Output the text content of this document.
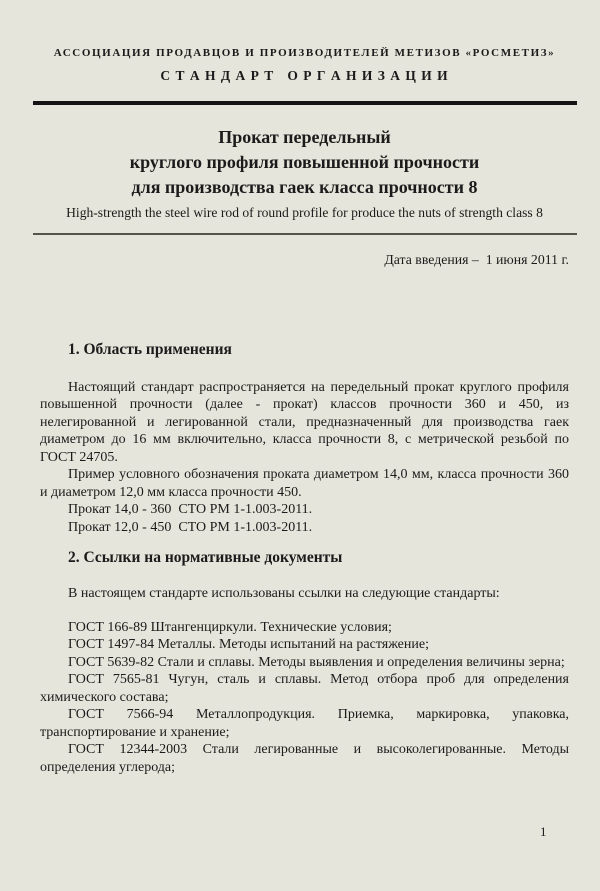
АССОЦИАЦИЯ ПРОДАВЦОВ И ПРОИЗВОДИТЕЛЕЙ МЕТИЗОВ «РОСМЕТИЗ»
С Т А Н Д А Р Т   О Р Г А Н И З А Ц И И
Прокат передельный
круглого профиля повышенной прочности
для производства гаек класса прочности 8
High-strength the steel wire rod of round profile for produce the nuts of strength class 8
Дата введения –  1 июня 2011 г.
1. Область применения

Настоящий стандарт распространяется на передельный прокат круглого профиля повышенной прочности (далее - прокат) классов прочности 360 и 450, из нелегированной и легированной стали, предназначенный для производства гаек диаметром до 16 мм включительно, класса прочности 8, с метрической резьбой по ГОСТ 24705.

Пример условного обозначения проката диаметром 14,0 мм, класса прочности 360 и диаметром 12,0 мм класса прочности 450.

Прокат 14,0 - 360  СТО РМ 1-1.003-2011.

Прокат 12,0 - 450  СТО РМ 1-1.003-2011.

2. Ссылки на нормативные документы

В настоящем стандарте использованы ссылки на следующие стандарты:

ГОСТ 166-89 Штангенциркули. Технические условия;

ГОСТ 1497-84 Металлы. Методы испытаний на растяжение;

ГОСТ 5639-82 Стали и сплавы. Методы выявления и определения величины зерна;

ГОСТ 7565-81 Чугун, сталь и сплавы. Метод отбора проб для определения химического состава;

ГОСТ 7566-94 Металлопродукция. Приемка, маркировка, упаковка, транспортирование и хранение;

ГОСТ 12344-2003 Стали легированные и высоколегированные. Методы определения углерода;

1
